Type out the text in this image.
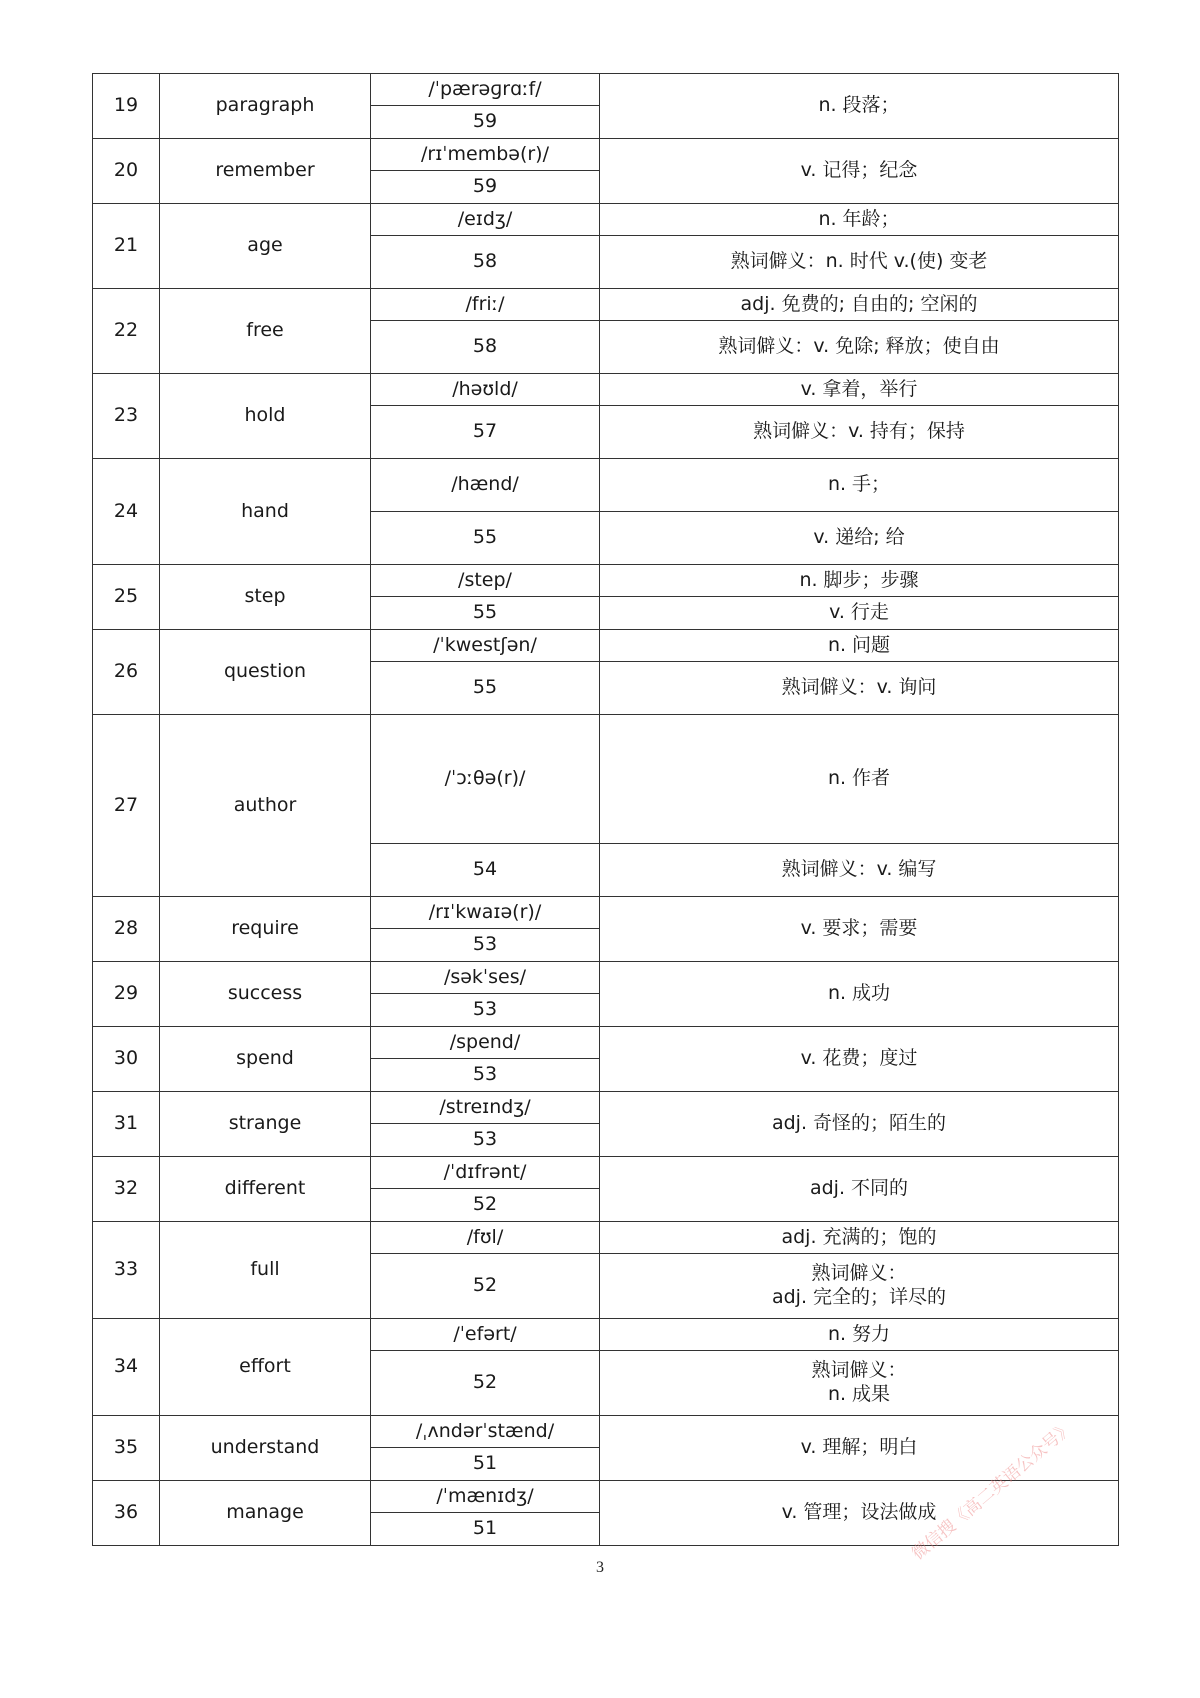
19	paragraph	/ˈpærəɡrɑːf/	n. 段落；
		59	
20	remember	/rɪˈmembə(r)/	v. 记得；纪念
		59	
21	age	/eɪdʒ/	n. 年龄；
		58	熟词僻义：n. 时代 v.(使) 变老
22	free	/friː/	adj. 免费的; 自由的; 空闲的
		58	熟词僻义：v. 免除; 释放；使自由
23	hold	/həʊld/	v. 拿着，举行
		57	熟词僻义：v. 持有；保持
24	hand	/hænd/	n. 手；
		55	v. 递给; 给
25	step	/step/	n. 脚步；步骤
		55	v. 行走
26	question	/ˈkwestʃən/	n. 问题
		55	熟词僻义：v. 询问
27	author	/ˈɔːθə(r)/	n. 作者
		54	熟词僻义：v. 编写
28	require	/rɪˈkwaɪə(r)/	v. 要求；需要
		53	
29	success	/səkˈses/	n. 成功
		53	
30	spend	/spend/	v. 花费；度过
		53	
31	strange	/streɪndʒ/	adj. 奇怪的；陌生的
		53	
32	different	/ˈdɪfrənt/	adj. 不同的
		52	
33	full	/fʊl/	adj. 充满的；饱的
		52	熟词僻义：
adj. 完全的；详尽的

34	effort	/ˈefərt/	n. 努力
		52	熟词僻义：
n. 成果

35	understand	/ˌʌndərˈstænd/	v. 理解；明白
		51	
36	manage	/ˈmænɪdʒ/	v. 管理；设法做成
		51	
3
微信搜《高二英语公众号》
